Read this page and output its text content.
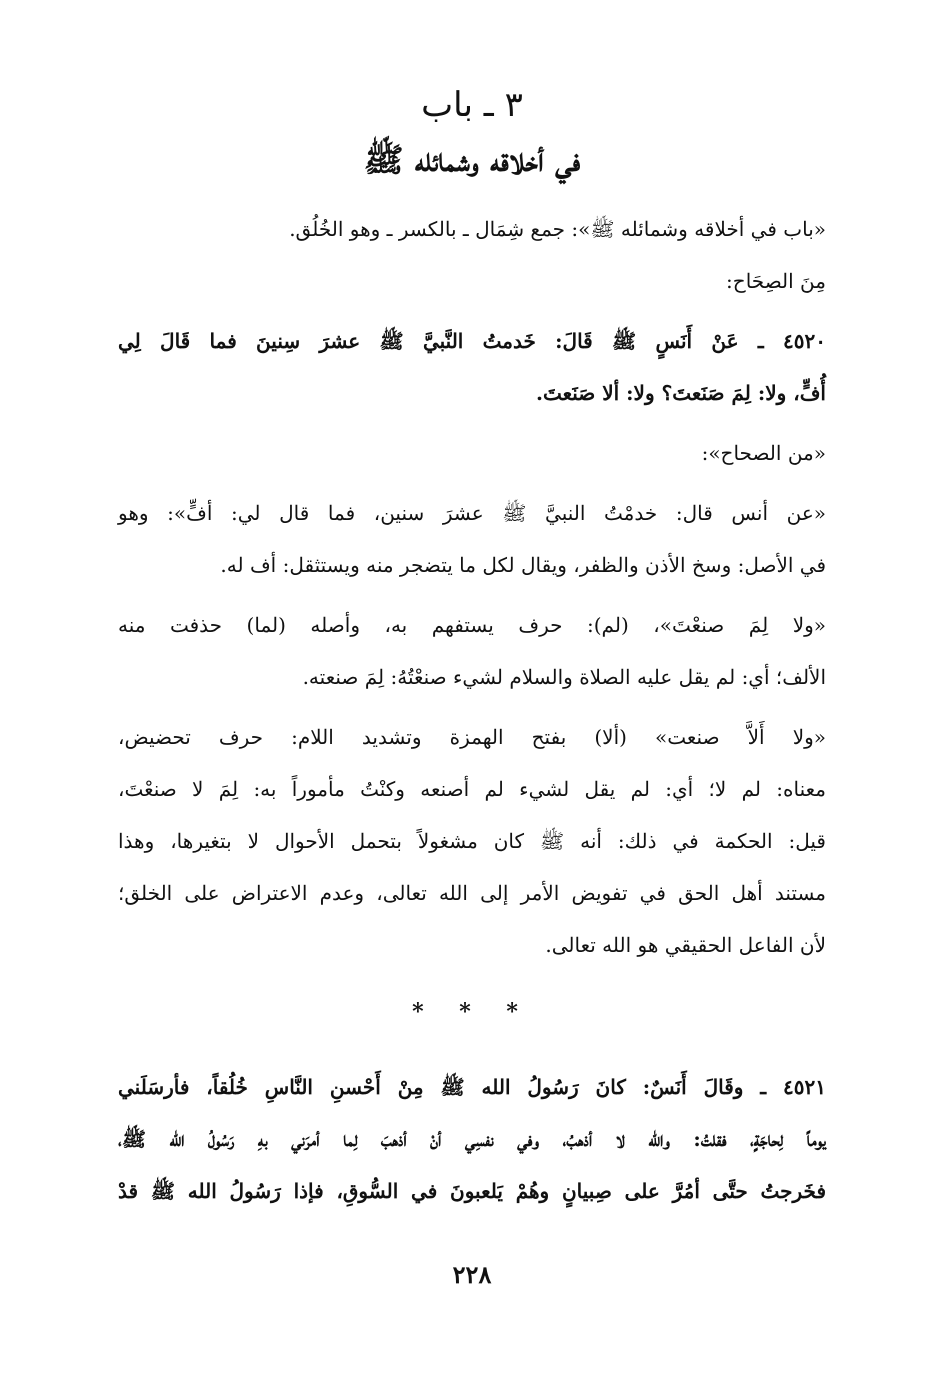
٣ ـ باب
في أخلاقه وشمائله ﷺ
«باب في أخلاقه وشمائله ﷺ»: جمع شِمَال ـ بالكسر ـ وهو الخُلُق.
مِنَ الصِحَاح:
٤٥٢٠ ـ عَنْ أَنَسٍ ﷺ قَالَ: خَدمتُ النَّبيَّ ﷺ عشرَ سِنينَ فما قَالَ لِي
أُفٍّ، ولا: لِمَ صَنَعتَ؟ ولا: ألا صَنَعتَ.
«من الصحاح»:
«عن أنس قال: خدمْتُ النبيَّ ﷺ عشرَ سنين، فما قال لي: أفٍّ»: وهو
في الأصل: وسخ الأذن والظفر، ويقال لكل ما يتضجر منه ويستثقل: أف له.
«ولا لِمَ صنعْتَ»، (لم): حرف يستفهم به، وأصله (لما) حذفت منه
الألف؛ أي: لم يقل عليه الصلاة والسلام لشيء صنعْتُهُ: لِمَ صنعته.
«ولا أَلاَّ صنعت» (ألا) بفتح الهمزة وتشديد اللام: حرف تحضيض،
معناه: لم لا؛ أي: لم يقل لشيء لم أصنعه وكنْتُ مأموراً به: لِمَ لا صنعْتَ،
قيل: الحكمة في ذلك: أنه ﷺ كان مشغولاً بتحمل الأحوال لا بتغيرها، وهذا
مستند أهل الحق في تفويض الأمر إلى الله تعالى، وعدم الاعتراض على الخلق؛
لأن الفاعل الحقيقي هو الله تعالى.
* * *
٤٥٢١ ـ وقَالَ أَنَسٌ: كانَ رَسُولُ الله ﷺ مِنْ أَحْسنِ النَّاسِ خُلُقاً، فأرسَلَني
يوماً لِحاجَةٍ، فقلتُ: والله لا أذهبُ، وفي نفسِي أنْ أذهبَ لِما أمرَني بهِ رَسُولُ الله ﷺ،
فخَرجتُ حتَّى أمُرَّ على صِبيانٍ وهُمْ يَلعبونَ في السُّوقِ، فإذا رَسُولُ الله ﷺ قدْ
٢٢٨
